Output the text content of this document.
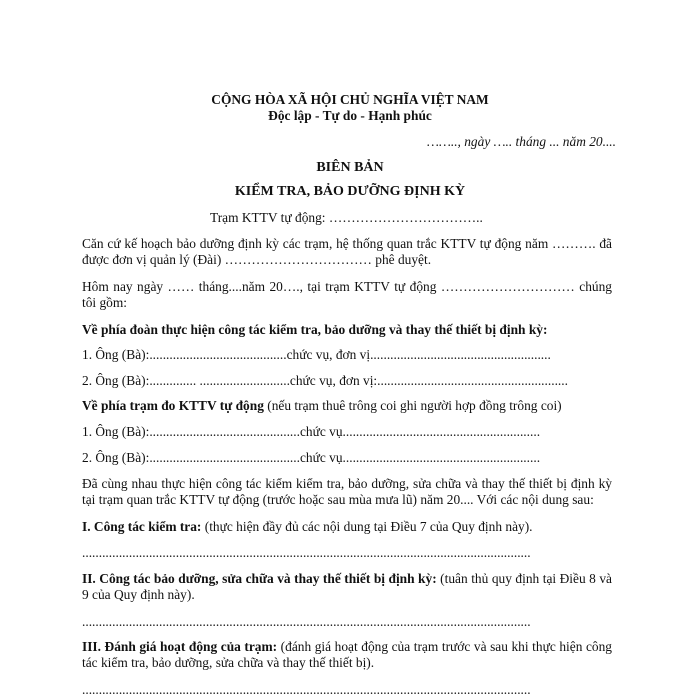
CỘNG HÒA XÃ HỘI CHỦ NGHĨA VIỆT NAM
Độc lập - Tự do - Hạnh phúc
…….., ngày ….. tháng ... năm 20....
BIÊN BẢN
KIỂM TRA, BẢO DƯỠNG ĐỊNH KỲ
Trạm KTTV tự động: ……………………………..
Căn cứ kế hoạch bảo dưỡng định kỳ các trạm, hệ thống quan trắc KTTV tự động năm ………. đã được đơn vị quản lý (Đài) …………………………… phê duyệt.
Hôm nay ngày …… tháng....năm 20…., tại trạm KTTV tự động ………………………… chúng tôi gồm:
Về phía đoàn thực hiện công tác kiểm tra, bảo dưỡng và thay thế thiết bị định kỳ:
1. Ông (Bà):.........................................chức vụ, đơn vị......................................................
2. Ông (Bà):.............. ...........................chức vụ, đơn vị:.........................................................
Về phía trạm đo KTTV tự động (nếu trạm thuê trông coi ghi người hợp đồng trông coi)
1. Ông (Bà):.............................................chức vụ...........................................................
2. Ông (Bà):.............................................chức vụ...........................................................
Đã cùng nhau thực hiện công tác kiểm kiểm tra, bảo dưỡng, sửa chữa và thay thế thiết bị định kỳ tại trạm quan trắc KTTV tự động (trước hoặc sau mùa mưa lũ) năm 20.... Với các nội dung sau:
I. Công tác kiểm tra: (thực hiện đầy đủ các nội dung tại Điều 7 của Quy định này).
......................................................................................................................................
II. Công tác bảo dưỡng, sửa chữa và thay thế thiết bị định kỳ: (tuân thủ quy định tại Điều 8 và 9 của Quy định này).
......................................................................................................................................
III. Đánh giá hoạt động của trạm: (đánh giá hoạt động của trạm trước và sau khi thực hiện công tác kiểm tra, bảo dưỡng, sửa chữa và thay thế thiết bị).
......................................................................................................................................
